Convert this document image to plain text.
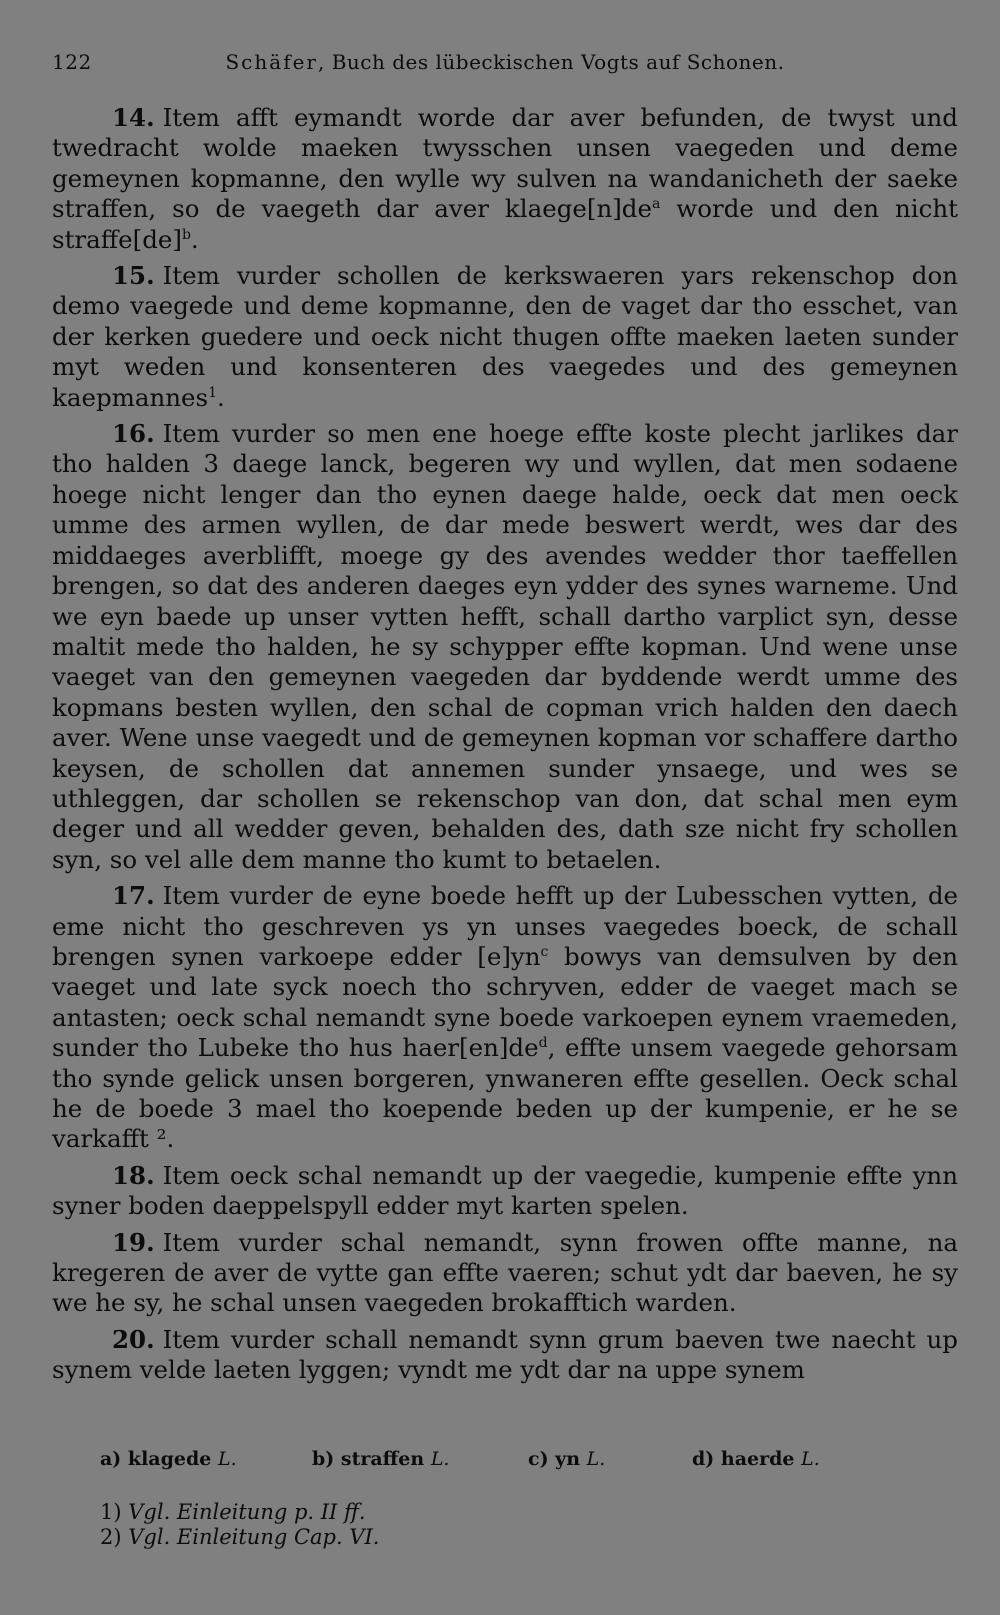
122	Schäfer, Buch des lübeckischen Vogts auf Schonen.

14. Item afft eymandt worde dar aver befunden, de twyst und twedracht wolde maeken twysschen unsen vaegeden und deme gemeynen kopmanne, den wylle wy sulven na wandanicheth der saeke straffen, so de vaegeth dar aver $klaege[n]de^a$ worde und den nicht straffe[de]$^b$.

15. Item vurder schollen de kerkswaeren yars rekenschop don demo vaegede und deme kopmanne, den de vaget dar tho esschet, van der kerken guedere und oeck nicht thugen offte maeken laeten sunder myt weden und konsenteren des vaegedes und des gemeynen kaepmannes$^1$.

16. Item vurder so men ene hoege effte koste plecht jarlikes dar tho halden 3 daege lanck, begeren wy und wyllen, dat men sodaene hoege nicht lenger dan tho eynen daege halde, oeck dat men oeck umme des armen wyllen, de dar mede beswert werdt, wes dar des middaeges averblifft, moege gy des avendes wedder thor taeffellen brengen, so dat des anderen daeges eyn ydder des synes warneme. Und we eyn baede up unser vytten hefft, schall dartho varplict syn, desse maltit mede tho halden, he sy schypper effte kopman. Und wene unse vaeget van den gemeynen vaegeden dar byddende werdt umme des kopmans besten wyllen, den schal de copman vrich halden den daech aver. Wene unse vaegedt und de gemeynen kopman vor schaffere dartho keysen, de schollen dat annemen sunder ynsaege, und wes se uthleggen, dar schollen se rekenschop van don, dat schal men eym deger und all wedder geven, behalden des, dath sze nicht fry schollen syn, so vel alle dem manne tho kumt to betaelen.

17. Item vurder de eyne boede hefft up der Lubesschen vytten, de eme nicht tho geschreven ys yn unses vaegedes boeck, de schall brengen synen varkoepe edder $[e]yn^c$ bowys van demsulven by den vaeget und late syck noech tho schryven, edder de vaeget mach se antasten; oeck schal nemandt syne boede varkoepen eynem vraemeden, sunder tho Lubeke tho hus $haer[en]de^d$, effte unsem vaegede gehorsam tho synde gelick unsen borgeren, ynwaneren effte gesellen. Oeck schal he de boede 3 mael tho koepende beden up der kumpenie, er he se varkafft ².

18. Item oeck schal nemandt up der vaegedie, kumpenie effte ynn syner boden daeppelspyll edder myt karten spelen.

19. Item vurder schal nemandt, synn frowen offte manne, na kregeren de aver de vytte gan effte vaeren; schut ydt dar baeven, he sy we he sy, he schal unsen vaegeden brokafftich warden.

20. Item vurder schall nemandt synn grum baeven twe naecht up synem velde laeten lyggen; vyndt me ydt dar na uppe synem

a) klagede L.	b) straffen L.	c) yn L.	d) haerde L.

1) Vgl. Einleitung p. II ff.

2) Vgl. Einleitung Cap. VI.
